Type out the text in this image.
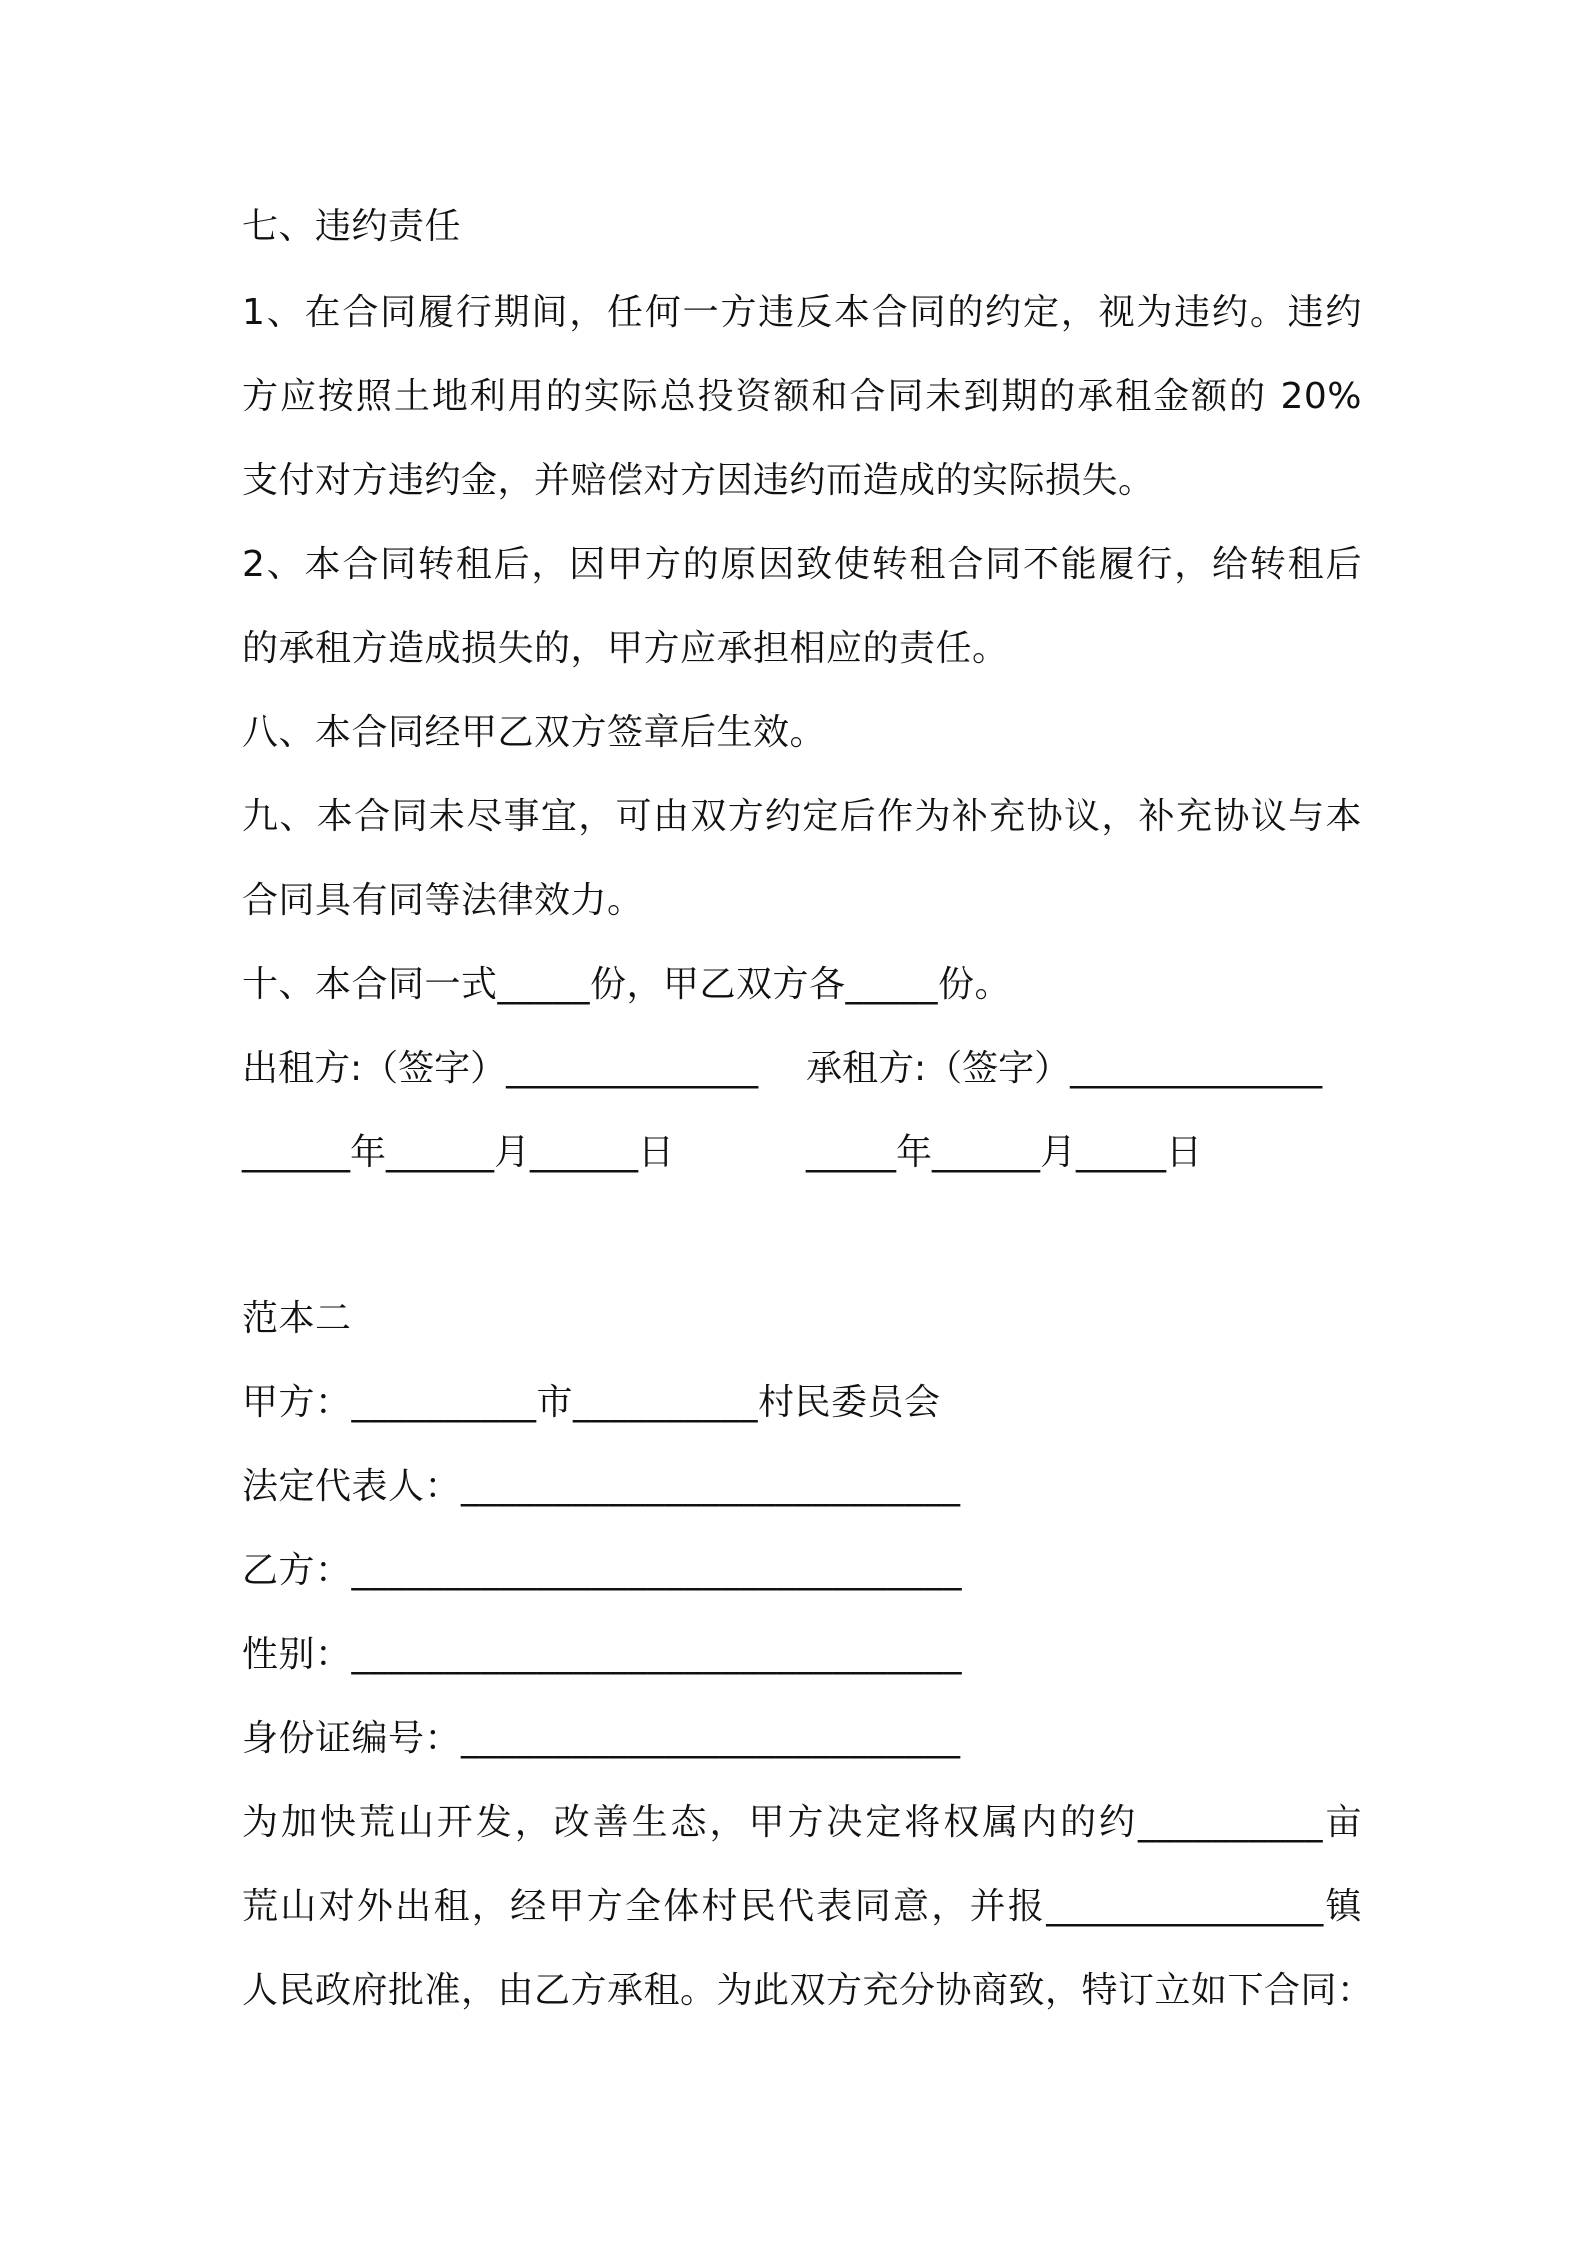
七、违约责任
1、在合同履行期间，任何一方违反本合同的约定，视为违约。违约
方应按照土地利用的实际总投资额和合同未到期的承租金额的 20%
支付对方违约金，并赔偿对方因违约而造成的实际损失。
2、本合同转租后，因甲方的原因致使转租合同不能履行，给转租后
的承租方造成损失的，甲方应承担相应的责任。
八、本合同经甲乙双方签章后生效。
九、本合同未尽事宜，可由双方约定后作为补充协议，补充协议与本
合同具有同等法律效力。
十、本合同一式_____份，甲乙双方各_____份。
出租方:（签字）______________ 承租方:（签字）______________
______年______月______日	_____年______月_____日
范本二
甲方：__________市__________村民委员会
法定代表人：___________________________
乙方：_________________________________
性别：_________________________________
身份证编号：___________________________
为加快荒山开发，改善生态，甲方决定将权属内的约__________亩
荒山对外出租，经甲方全体村民代表同意，并报_______________镇
人民政府批准，由乙方承租。为此双方充分协商致，特订立如下合同：
